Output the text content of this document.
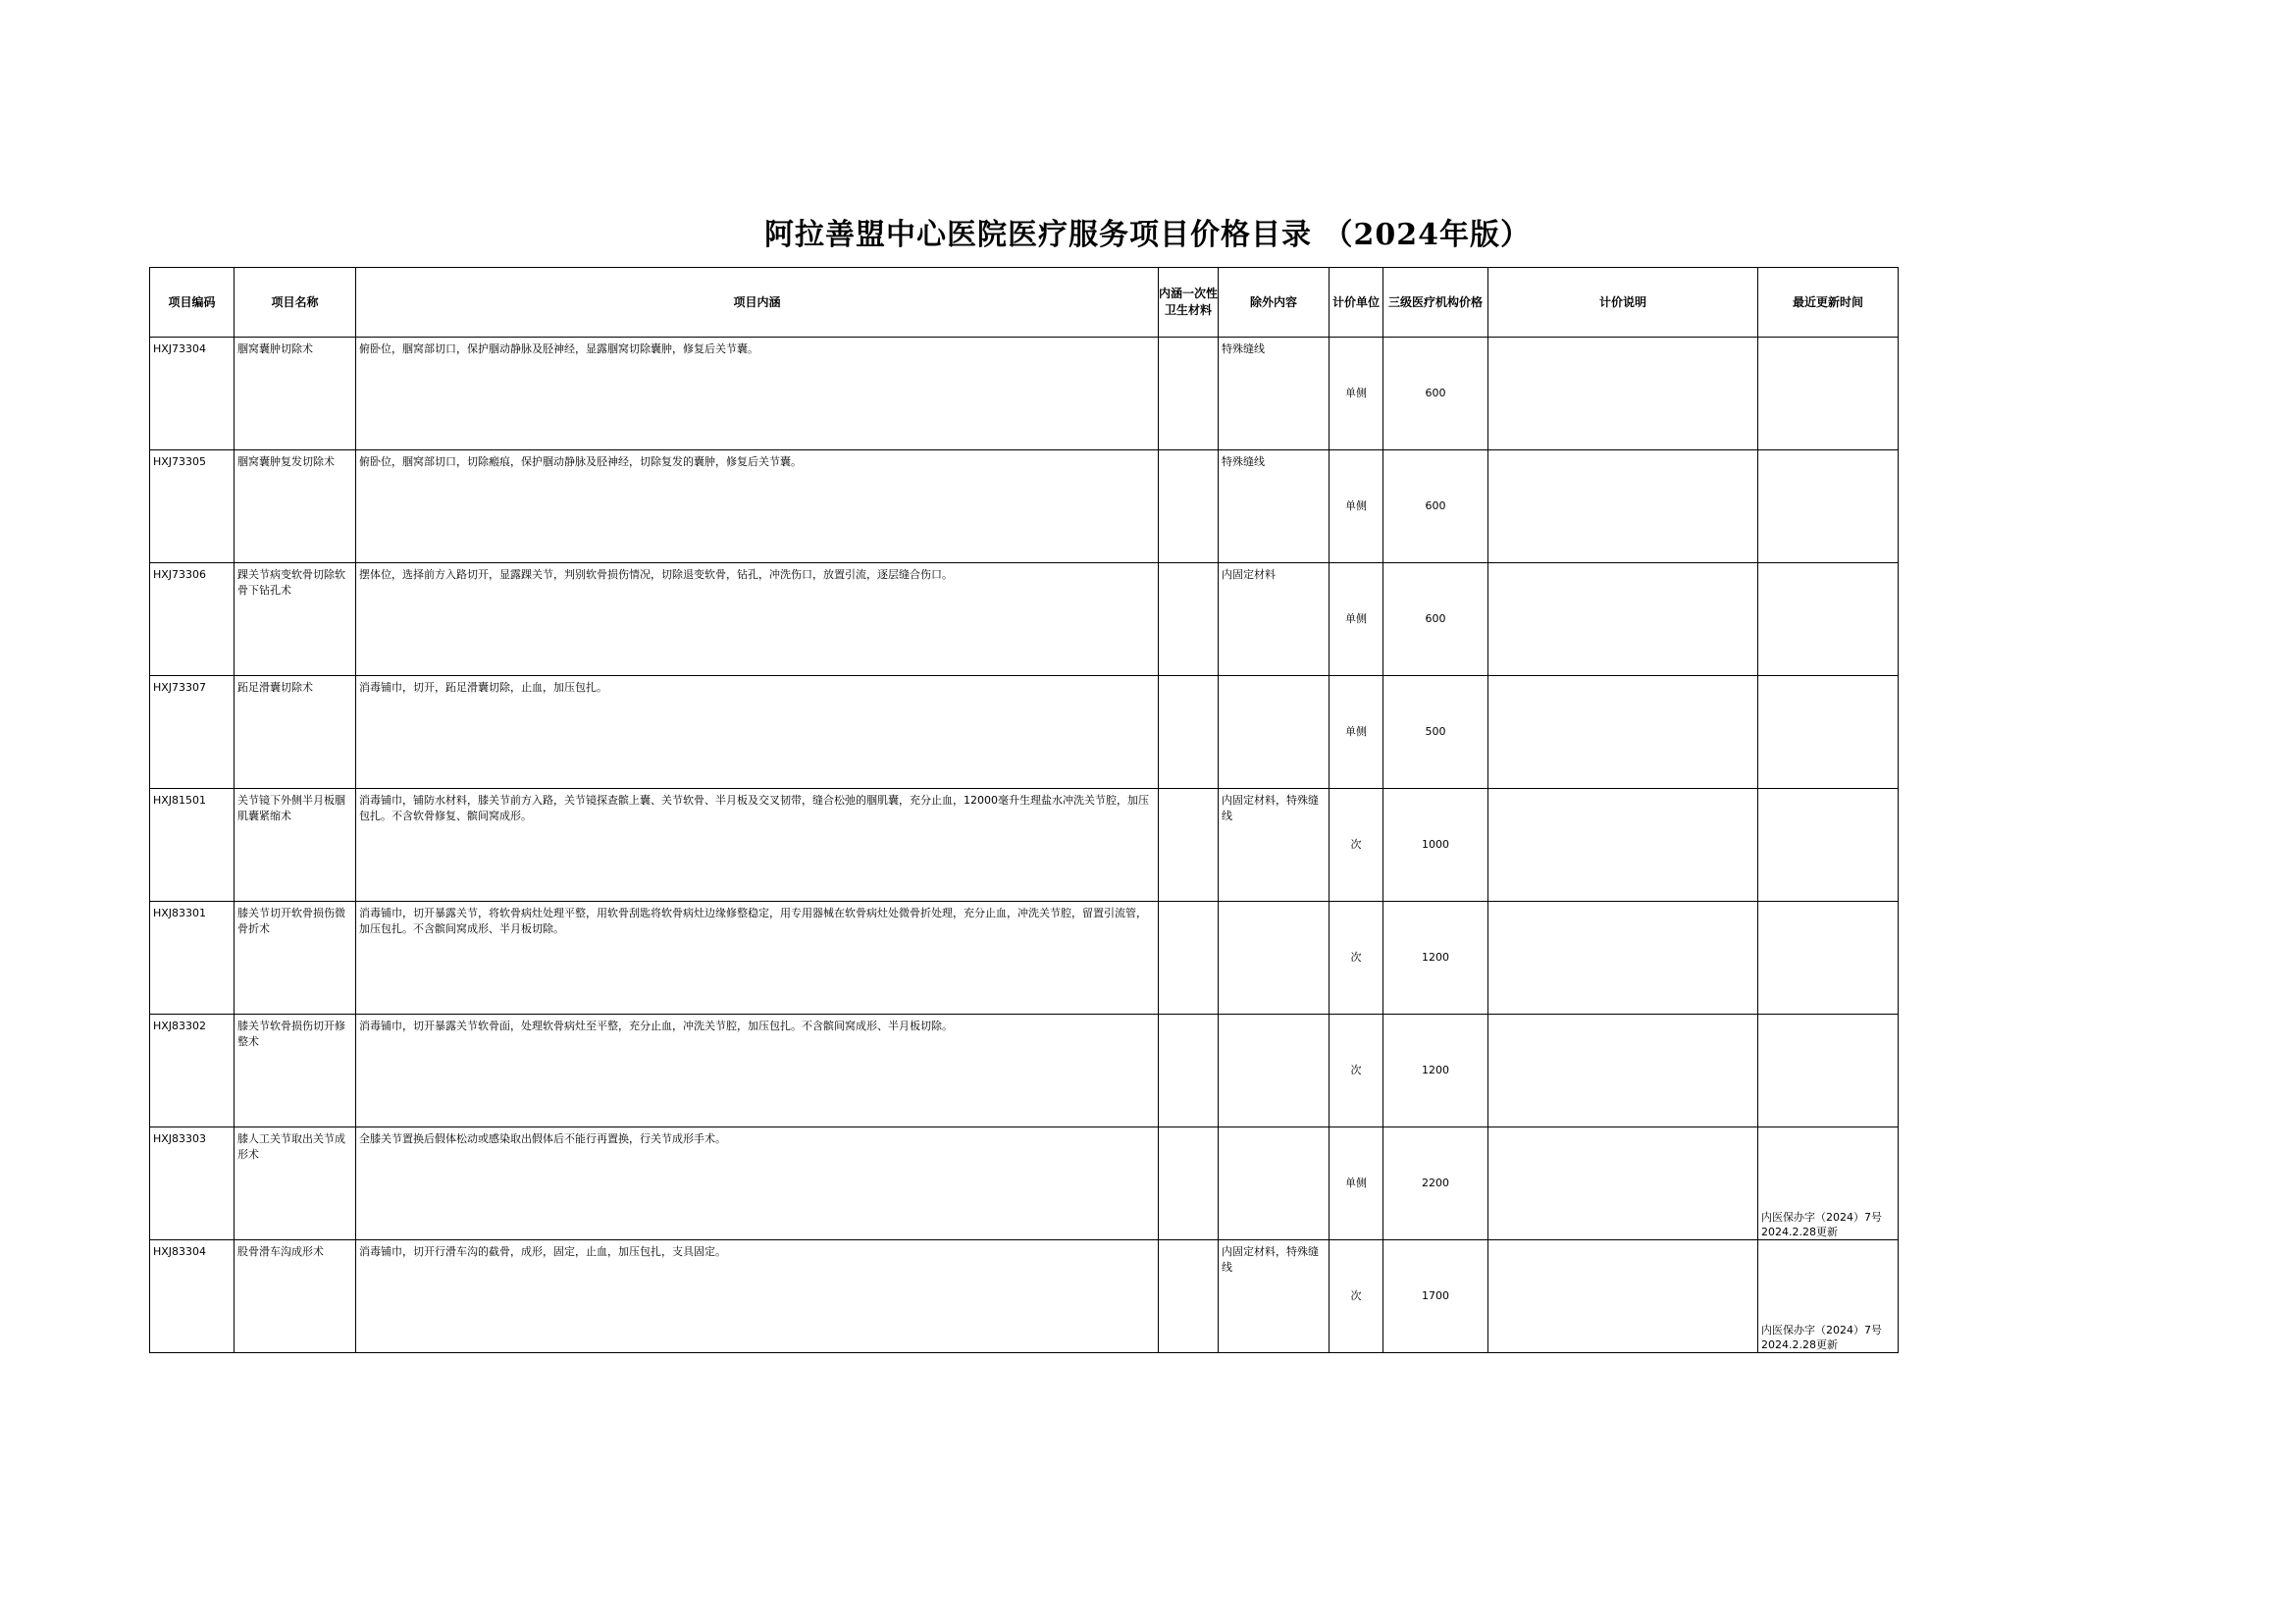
阿拉善盟中心医院医疗服务项目价格目录 （2024年版）
项目编码	项目名称	项目内涵	内涵一次性卫生材料	除外内容	计价单位	三级医疗机构价格	计价说明	最近更新时间

HXJ73304	腘窝囊肿切除术	俯卧位，腘窝部切口，保护腘动静脉及胫神经，显露腘窝切除囊肿，修复后关节囊。		特殊缝线	单侧	600	

HXJ73305	腘窝囊肿复发切除术	俯卧位，腘窝部切口，切除瘢痕，保护腘动静脉及胫神经，切除复发的囊肿，修复后关节囊。		特殊缝线	单侧	600	

HXJ73306	踝关节病变软骨切除软骨下钻孔术	摆体位，选择前方入路切开，显露踝关节，判别软骨损伤情况，切除退变软骨，钻孔，冲洗伤口，放置引流，逐层缝合伤口。		内固定材料	单侧	600	

HXJ73307	跖足滑囊切除术	消毒铺巾，切开，跖足滑囊切除，止血，加压包扎。			单侧	500	

HXJ81501	关节镜下外侧半月板腘肌囊紧缩术	消毒铺巾，铺防水材料，膝关节前方入路，关节镜探查髌上囊、关节软骨、半月板及交叉韧带，缝合松弛的腘肌囊，充分止血，12000毫升生理盐水冲洗关节腔，加压包扎。不含软骨修复、髌间窝成形。		内固定材料，特殊缝线	次	1000	

HXJ83301	膝关节切开软骨损伤微骨折术	消毒铺巾，切开暴露关节，将软骨病灶处理平整，用软骨刮匙将软骨病灶边缘修整稳定，用专用器械在软骨病灶处微骨折处理，充分止血，冲洗关节腔，留置引流管，加压包扎。不含髌间窝成形、半月板切除。			次	1200	

HXJ83302	膝关节软骨损伤切开修整术	消毒铺巾，切开暴露关节软骨面，处理软骨病灶至平整，充分止血，冲洗关节腔，加压包扎。不含髌间窝成形、半月板切除。			次	1200	

HXJ83303	膝人工关节取出关节成形术	全膝关节置换后假体松动或感染取出假体后不能行再置换，行关节成形手术。			单侧	2200		内医保办字（2024）7号 2024.2.28更新

HXJ83304	股骨滑车沟成形术	消毒铺巾，切开行滑车沟的截骨，成形，固定，止血，加压包扎，支具固定。		内固定材料，特殊缝线	次	1700		内医保办字（2024）7号 2024.2.28更新
